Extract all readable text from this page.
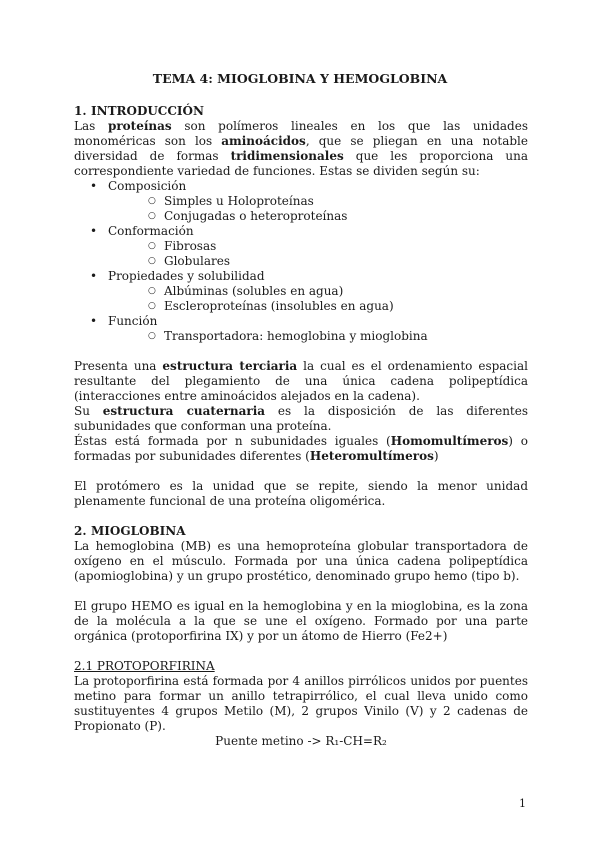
TEMA 4: MIOGLOBINA Y HEMOGLOBINA

1. INTRODUCCIÓN

Las proteínas son polímeros lineales en los que las unidades monoméricas son los aminoácidos, que se pliegan en una notable diversidad de formas tridimensionales que les proporciona una correspondiente variedad de funciones. Estas se dividen según su:

• Composición
○ Simples u Holoproteínas
○ Conjugadas o heteroproteínas
• Conformación
○ Fibrosas
○ Globulares
• Propiedades y solubilidad
○ Albúminas (solubles en agua)
○ Escleroproteínas (insolubles en agua)
• Función
○ Transportadora: hemoglobina y mioglobina

Presenta una estructura terciaria la cual es el ordenamiento espacial resultante del plegamiento de una única cadena polipeptídica (interacciones entre aminoácidos alejados en la cadena).

Su estructura cuaternaria es la disposición de las diferentes subunidades que conforman una proteína.

Éstas está formada por n subunidades iguales (Homomultímeros) o formadas por subunidades diferentes (Heteromultímeros)

El protómero es la unidad que se repite, siendo la menor unidad plenamente funcional de una proteína oligomérica.

2. MIOGLOBINA

La hemoglobina (MB) es una hemoproteína globular transportadora de oxígeno en el músculo. Formada por una única cadena polipeptídica (apomioglobina) y un grupo prostético, denominado grupo hemo (tipo b).

El grupo HEMO es igual en la hemoglobina y en la mioglobina, es la zona de la molécula a la que se une el oxígeno. Formado por una parte orgánica (protoporfirina IX) y por un átomo de Hierro (Fe2+)

2.1 PROTOPORFIRINA

La protoporfirina está formada por 4 anillos pirrólicos unidos por puentes metino para formar un anillo tetrapirrólico, el cual lleva unido como sustituyentes 4 grupos Metilo (M), 2 grupos Vinilo (V) y 2 cadenas de Propionato (P).

Puente metino -> R₁-CH=R₂

1
